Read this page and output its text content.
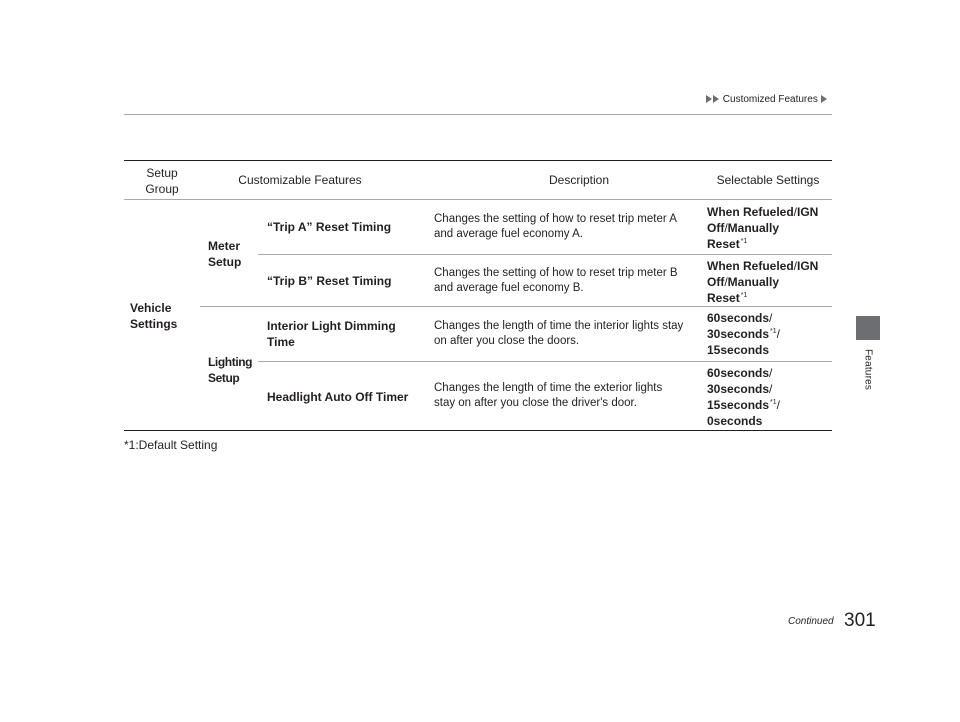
Customized Features
Features
Setup
Group
Customizable Features	Description	Selectable Settings
Vehicle
Settings
Meter
Setup
Lighting
Setup
“Trip A” Reset Timing
Changes the setting of how to reset trip meter A
and average fuel economy A.
When Refueled/IGN
Off/Manually
Reset$^{*1}$
“Trip B” Reset Timing
Changes the setting of how to reset trip meter B
and average fuel economy B.
When Refueled/IGN
Off/Manually
Reset$^{*1}$
Interior Light Dimming
Time
Changes the length of time the interior lights stay
on after you close the doors.
60seconds/
30seconds$^{*1}$/
15seconds
Headlight Auto Off Timer
Changes the length of time the exterior lights
stay on after you close the driver's door.
60seconds/
30seconds/
15seconds$^{*1}$/
0seconds
*1:Default Setting
Continued 301
